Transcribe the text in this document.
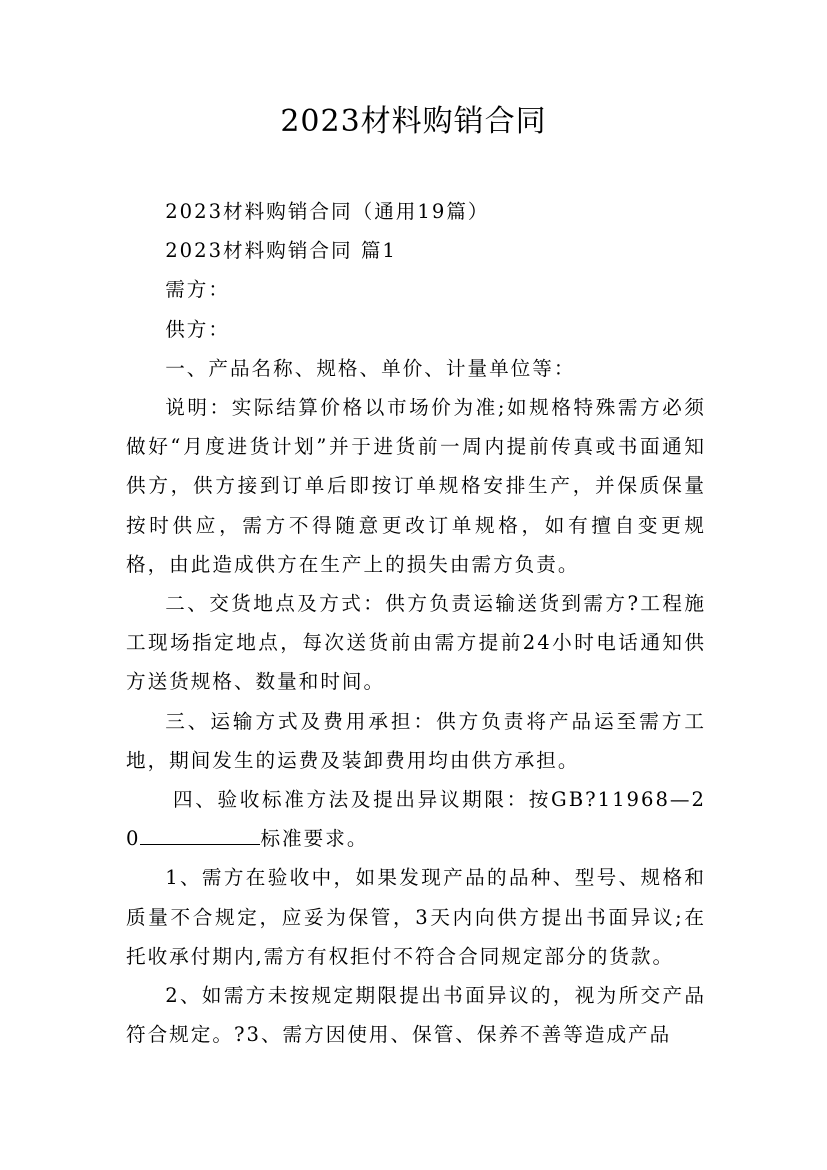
2023材料购销合同

2023材料购销合同（通用19篇）

2023材料购销合同 篇1

需方：

供方：

一、产品名称、规格、单价、计量单位等：

说明：实际结算价格以市场价为准;如规格特殊需方必须做好“月度进货计划”并于进货前一周内提前传真或书面通知供方，供方接到订单后即按订单规格安排生产，并保质保量按时供应，需方不得随意更改订单规格，如有擅自变更规格，由此造成供方在生产上的损失由需方负责。

二、交货地点及方式：供方负责运输送货到需方?工程施工现场指定地点，每次送货前由需方提前24小时电话通知供方送货规格、数量和时间。

三、运输方式及费用承担：供方负责将产品运至需方工地，期间发生的运费及装卸费用均由供方承担。

四、验收标准方法及提出异议期限：按GB?11968—20	标准要求。

1、需方在验收中，如果发现产品的品种、型号、规格和质量不合规定，应妥为保管，3天内向供方提出书面异议;在托收承付期内,需方有权拒付不符合合同规定部分的货款。

2、如需方未按规定期限提出书面异议的，视为所交产品符合规定。?3、需方因使用、保管、保养不善等造成产品
